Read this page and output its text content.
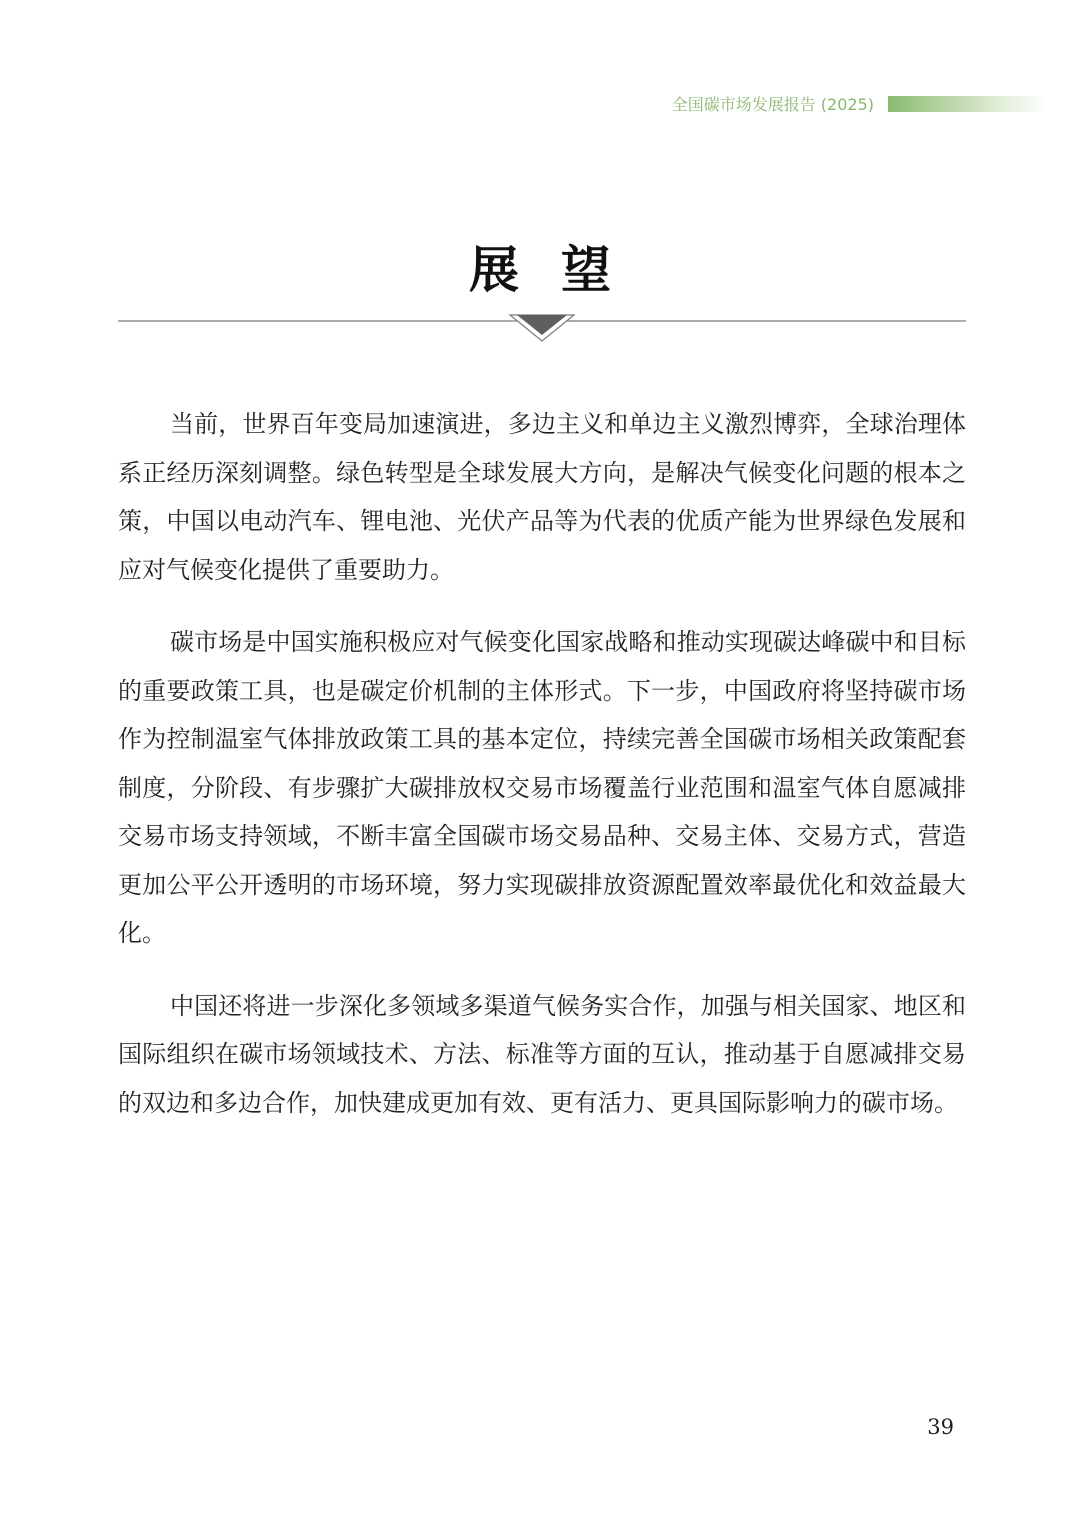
全国碳市场发展报告 (2025)
展望

当前，世界百年变局加速演进，多边主义和单边主义激烈博弈，全球治理体系正经历深刻调整。绿色转型是全球发展大方向，是解决气候变化问题的根本之策，中国以电动汽车、锂电池、光伏产品等为代表的优质产能为世界绿色发展和应对气候变化提供了重要助力。

碳市场是中国实施积极应对气候变化国家战略和推动实现碳达峰碳中和目标的重要政策工具，也是碳定价机制的主体形式。下一步，中国政府将坚持碳市场作为控制温室气体排放政策工具的基本定位，持续完善全国碳市场相关政策配套制度，分阶段、有步骤扩大碳排放权交易市场覆盖行业范围和温室气体自愿减排交易市场支持领域，不断丰富全国碳市场交易品种、交易主体、交易方式，营造更加公平公开透明的市场环境，努力实现碳排放资源配置效率最优化和效益最大化。

中国还将进一步深化多领域多渠道气候务实合作，加强与相关国家、地区和国际组织在碳市场领域技术、方法、标准等方面的互认，推动基于自愿减排交易的双边和多边合作，加快建成更加有效、更有活力、更具国际影响力的碳市场。

39
